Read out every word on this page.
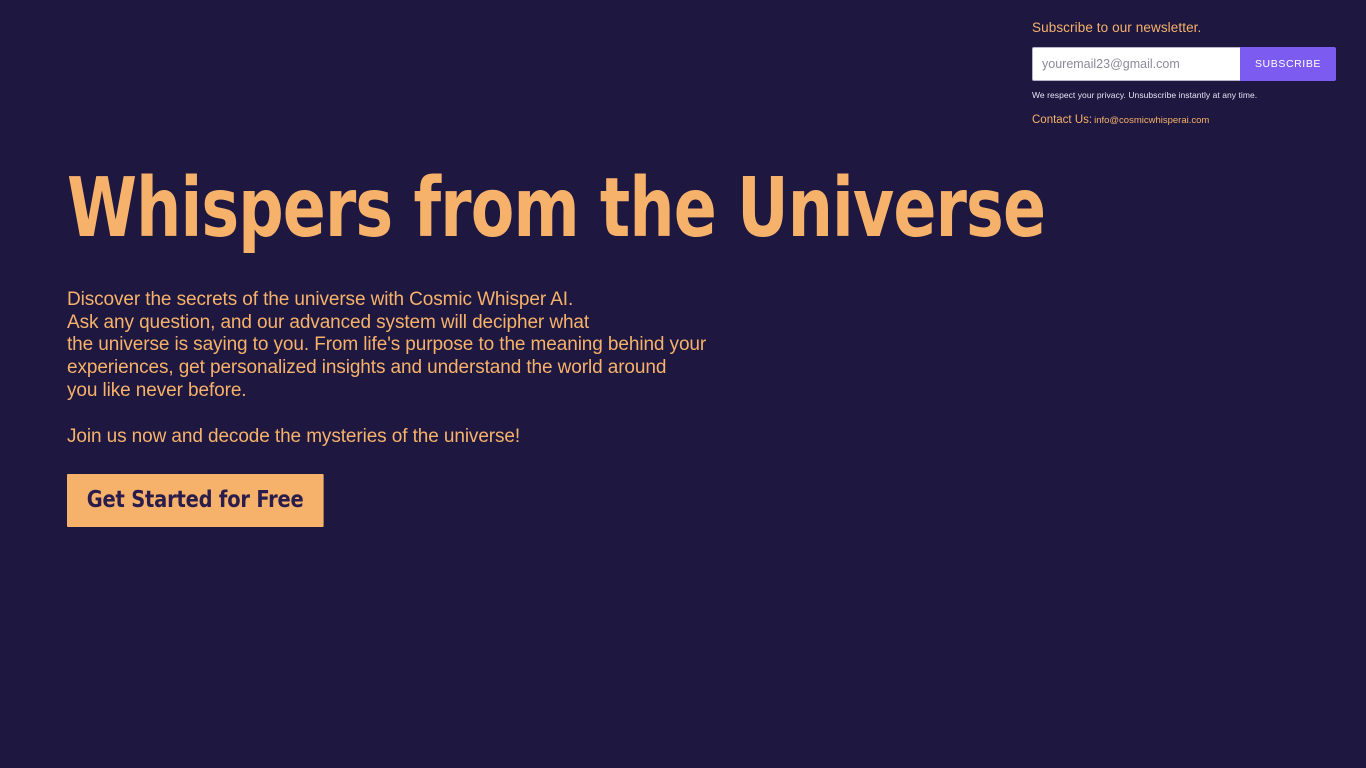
Subscribe to our newsletter.
youremail23@gmail.com
SUBSCRIBE
We respect your privacy. Unsubscribe instantly at any time.
Contact Us: info@cosmicwhisperai.com
Whispers from the Universe

Discover the secrets of the universe with Cosmic Whisper AI.

Ask any question, and our advanced system will decipher what

the universe is saying to you. From life's purpose to the meaning behind your

experiences, get personalized insights and understand the world around

you like never before.

Join us now and decode the mysteries of the universe!
Get Started for Free
